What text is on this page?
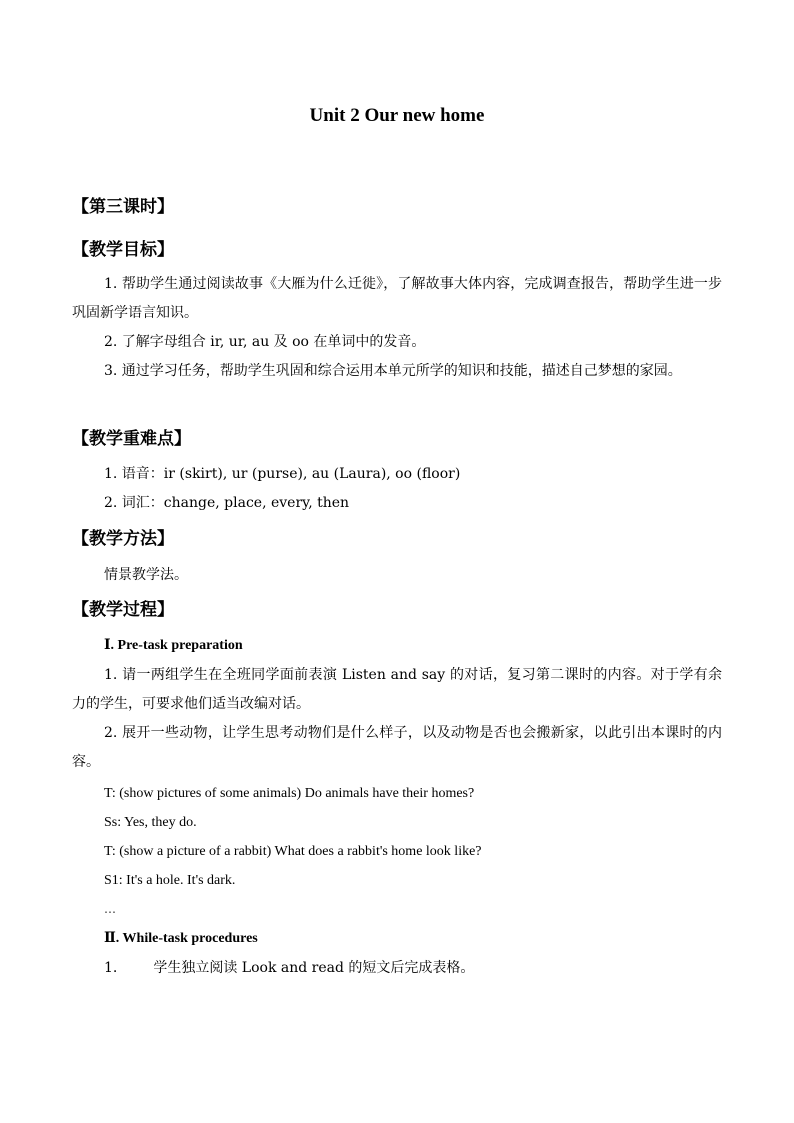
Unit 2 Our new home
【第三课时】
【教学目标】
1. 帮助学生通过阅读故事《大雁为什么迁徙》，了解故事大体内容，完成调查报告，帮助学生进一步巩固新学语言知识。
2. 了解字母组合 ir, ur, au 及 oo 在单词中的发音。
3. 通过学习任务，帮助学生巩固和综合运用本单元所学的知识和技能，描述自己梦想的家园。
【教学重难点】
1. 语音：ir (skirt), ur (purse), au (Laura), oo (floor)
2. 词汇：change, place, every, then
【教学方法】
情景教学法。
【教学过程】
Ⅰ. Pre-task preparation
1. 请一两组学生在全班同学面前表演 Listen and say 的对话，复习第二课时的内容。对于学有余力的学生，可要求他们适当改编对话。
2. 展开一些动物，让学生思考动物们是什么样子，以及动物是否也会搬新家，以此引出本课时的内容。
T: (show pictures of some animals) Do animals have their homes?
Ss: Yes, they do.
T: (show a picture of a rabbit) What does a rabbit's home look like?
S1: It's a hole. It's dark.
…
Ⅱ. While-task procedures
1.	学生独立阅读 Look and read 的短文后完成表格。
